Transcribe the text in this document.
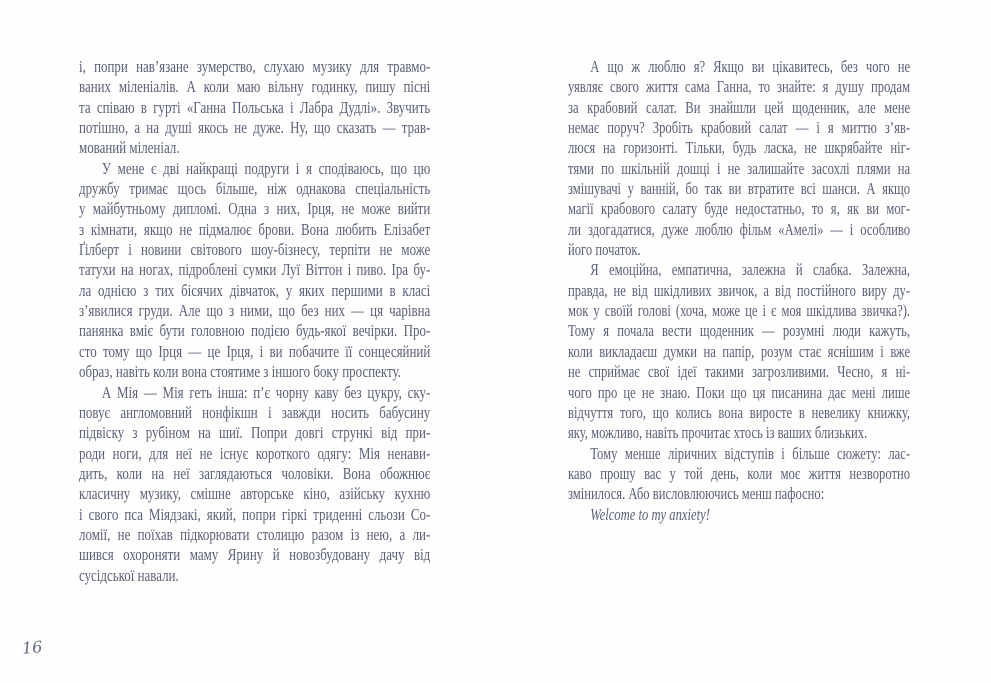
і, попри нав’язане зумерство, слухаю музику для травмо-
ваних міленіалів. А коли маю вільну годинку, пишу пісні
та співаю в гурті «Ганна Польська і Лабра Дудлі». Звучить
потішно, а на душі якось не дуже. Ну, що сказать — трав-
мований міленіал.
У мене є дві найкращі подруги і я сподіваюсь, що цю
дружбу тримає щось більше, ніж однакова спеціальність
у майбутньому дипломі. Одна з них, Ірця, не може вийти
з кімнати, якщо не підмалює брови. Вона любить Елізабет
Ґілберт і новини світового шоу-бізнесу, терпіти не може
татухи на ногах, підроблені сумки Луї Віттон і пиво. Іра бу-
ла однією з тих бісячих дівчаток, у яких першими в класі
з’явилися груди. Але що з ними, що без них — ця чарівна
панянка вміє бути головною подією будь-якої вечірки. Про-
сто тому що Ірця — це Ірця, і ви побачите її сонцесяйний
образ, навіть коли вона стоятиме з іншого боку проспекту.
А Мія — Мія геть інша: п’є чорну каву без цукру, ску-
повує англомовний нонфікшн і завжди носить бабусину
підвіску з рубіном на шиї. Попри довгі стрункі від при-
роди ноги, для неї не існує короткого одягу: Мія ненави-
дить, коли на неї заглядаються чоловіки. Вона обожнює
класичну музику, смішне авторське кіно, азійську кухню
і свого пса Міядзакі, який, попри гіркі триденні сльози Со-
ломії, не поїхав підкорювати столицю разом із нею, а ли-
шився охороняти маму Ярину й новозбудовану дачу від
сусідської навали.
А що ж люблю я? Якщо ви цікавитесь, без чого не
уявляє свого життя сама Ганна, то знайте: я душу продам
за крабовий салат. Ви знайшли цей щоденник, але мене
немає поруч? Зробіть крабовий салат — і я миттю з’яв-
люся на горизонті. Тільки, будь ласка, не шкрябайте ніг-
тями по шкільній дошці і не залишайте засохлі плями на
змішувачі у ванній, бо так ви втратите всі шанси. А якщо
магії крабового салату буде недостатньо, то я, як ви мог-
ли здогадатися, дуже люблю фільм «Амелі» — і особливо
його початок.
Я емоційна, емпатична, залежна й слабка. Залежна,
правда, не від шкідливих звичок, а від постійного виру ду-
мок у своїй голові (хоча, може це і є моя шкідлива звичка?).
Тому я почала вести щоденник — розумні люди кажуть,
коли викладаєш думки на папір, розум стає яснішим і вже
не сприймає свої ідеї такими загрозливими. Чесно, я ні-
чого про це не знаю. Поки що ця писанина дає мені лише
відчуття того, що колись вона виросте в невелику книжку,
яку, можливо, навіть прочитає хтось із ваших близьких.
Тому менше ліричних відступів і більше сюжету: лас-
каво прошу вас у той день, коли моє життя незворотно
змінилося. Або висловлюючись менш пафосно:
Welcome to my anxiety!
16
